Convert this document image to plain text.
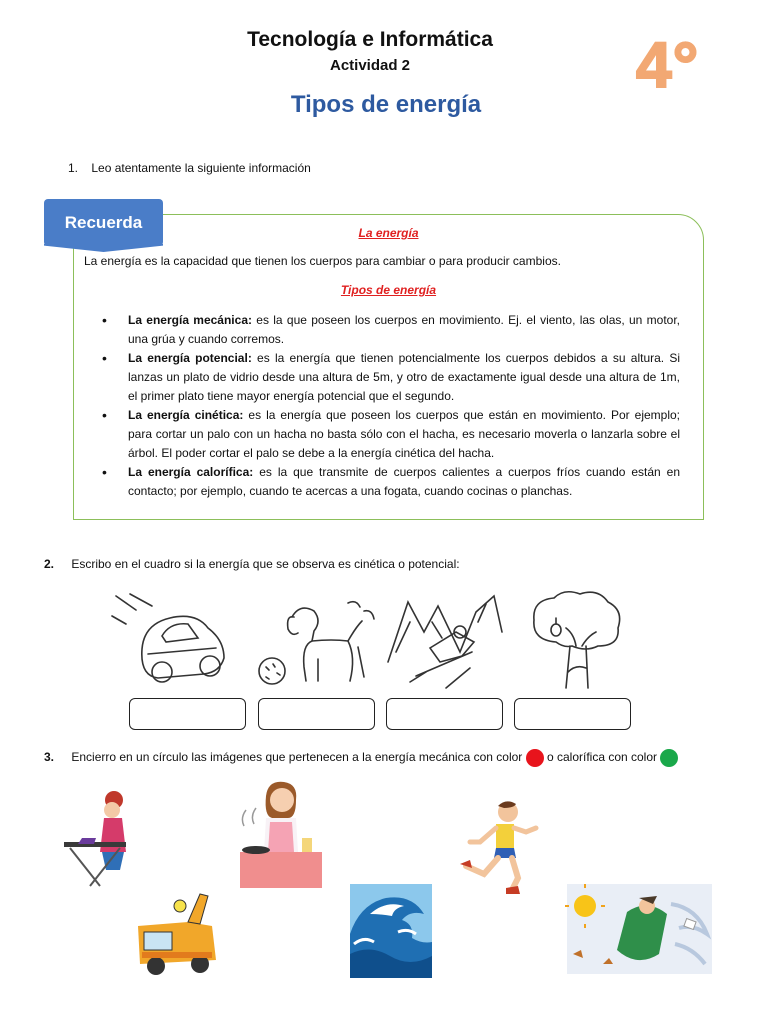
Tecnología e Informática
Actividad 2
Tipos de energía
4°
1. Leo atentamente la siguiente información
Recuerda
La energía
La energía es la capacidad que tienen los cuerpos para cambiar o para producir cambios.
Tipos de energía
• La energía mecánica: es la que poseen los cuerpos en movimiento. Ej. el viento, las olas, un motor, una grúa y cuando corremos.
• La energía potencial: es la energía que tienen potencialmente los cuerpos debidos a su altura. Si lanzas un plato de vidrio desde una altura de 5m, y otro de exactamente igual desde una altura de 1m, el primer plato tiene mayor energía potencial que el segundo.
• La energía cinética: es la energía que poseen los cuerpos que están en movimiento. Por ejemplo; para cortar un palo con un hacha no basta sólo con el hacha, es necesario moverla o lanzarla sobre el árbol. El poder cortar el palo se debe a la energía cinética del hacha.
• La energía calorífica: es la que transmite de cuerpos calientes a cuerpos fríos cuando están en contacto; por ejemplo, cuando te acercas a una fogata, cuando cocinas o planchas.
2. Escribo en el cuadro si la energía que se observa es cinética o potencial:
3. Encierro en un círculo las imágenes que pertenecen a la energía mecánica con color o calorífica con color
